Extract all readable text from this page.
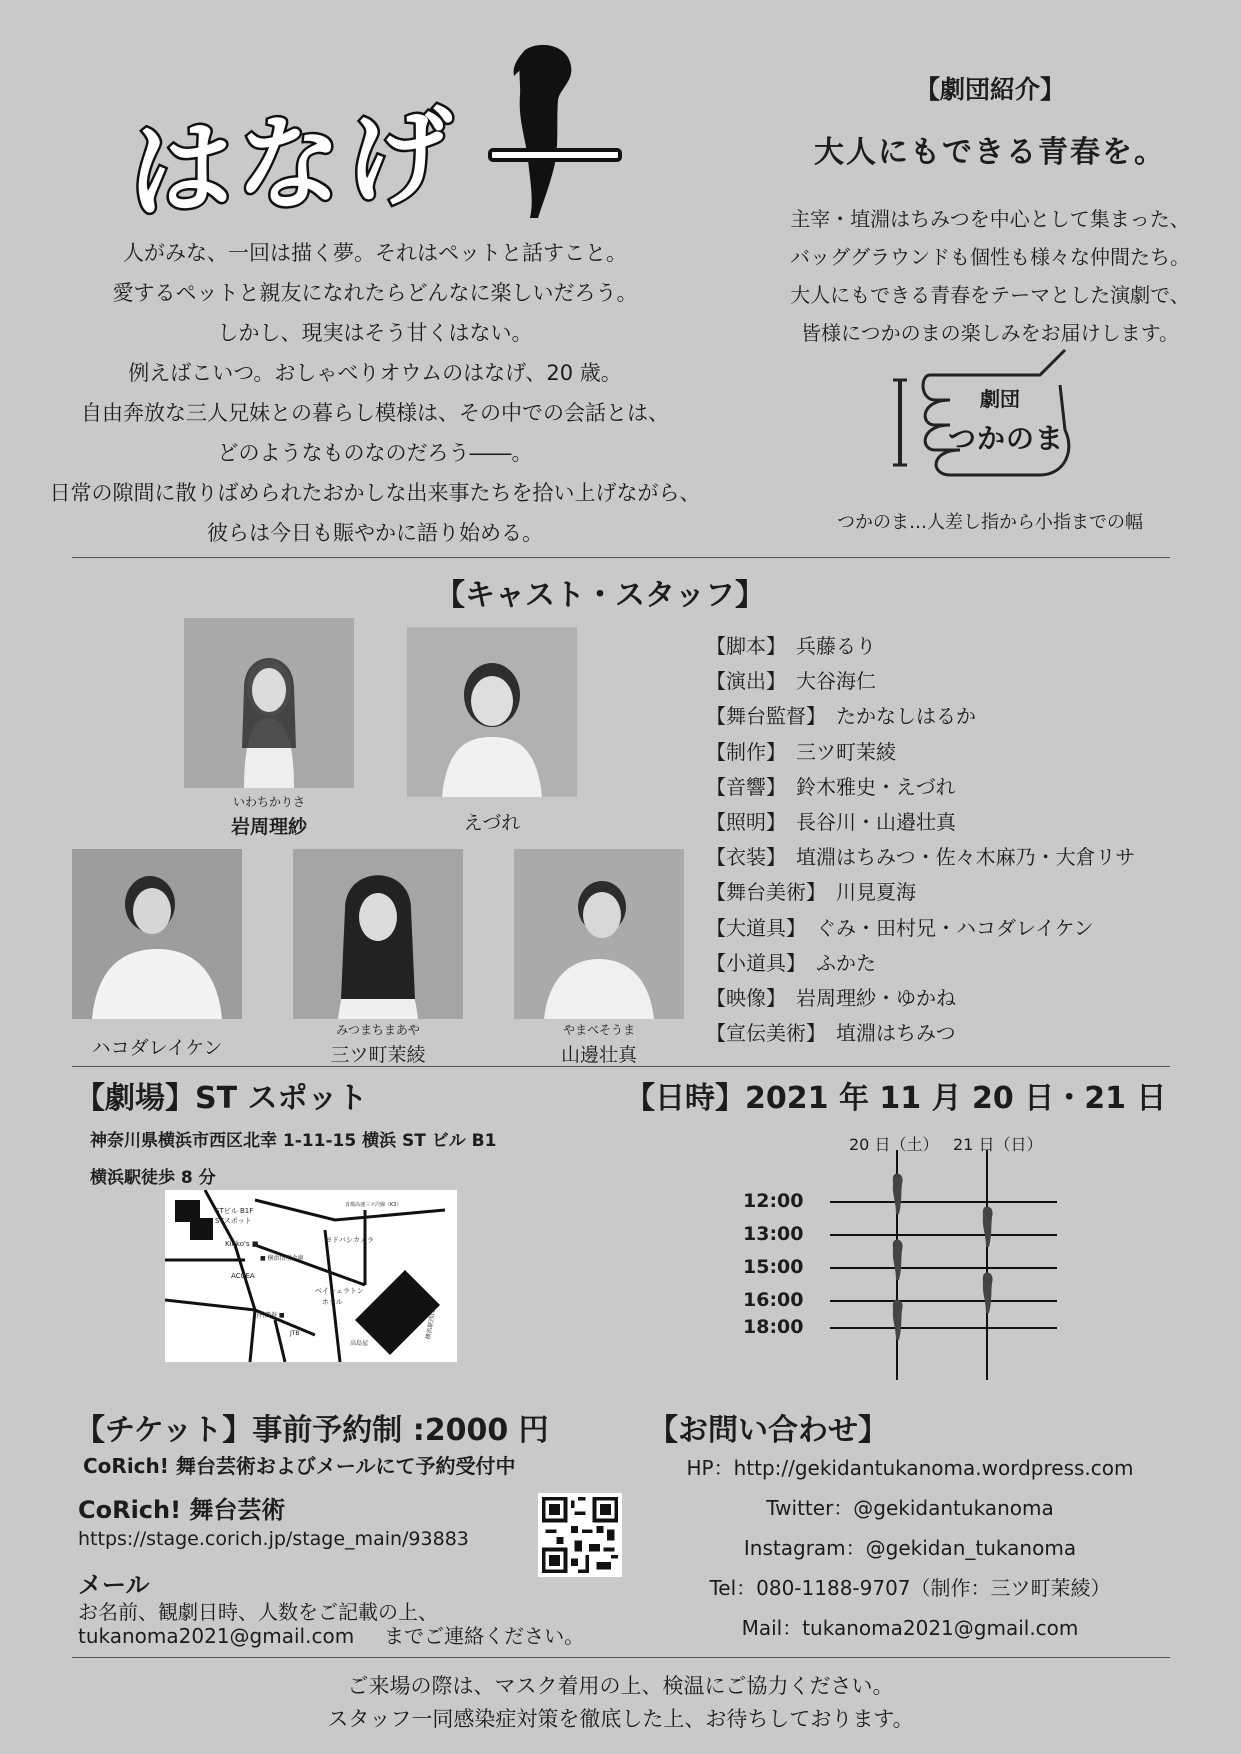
はなげ
人がみな、一回は描く夢。それはペットと話すこと。
愛するペットと親友になれたらどんなに楽しいだろう。
しかし、現実はそう甘くはない。
例えばこいつ。おしゃべりオウムのはなげ、20 歳。
自由奔放な三人兄妹との暮らし模様は、その中での会話とは、
どのようなものなのだろう――。
日常の隙間に散りばめられたおかしな出来事たちを拾い上げながら、
彼らは今日も賑やかに語り始める。
【劇団紹介】
大人にもできる青春を。
主宰・埴淵はちみつを中心として集まった、
バッググラウンドも個性も様々な仲間たち。
大人にもできる青春をテーマとした演劇で、
皆様につかのまの楽しみをお届けします。
劇団
つかのま
つかのま…人差し指から小指までの幅
【キャスト・スタッフ】
いわちかりさ
岩周理紗	えづれ
ハコダレイケン
みつまちまあや
三ツ町茉綾
やまべそうま
山邊壮真
【脚本】 兵藤るり
【演出】 大谷海仁
【舞台監督】 たかなしはるか
【制作】 三ツ町茉綾
【音響】 鈴木雅史・えづれ
【照明】 長谷川・山邉壮真
【衣装】 埴淵はちみつ・佐々木麻乃・大倉リサ
【舞台美術】 川見夏海
【大道具】 ぐみ・田村兄・ハコダレイケン
【小道具】 ふかた
【映像】 岩周理紗・ゆかね
【宣伝美術】 埴淵はちみつ
【劇場】ST スポット
神奈川県横浜市西区北幸 1-11-15 横浜 ST ビル B1
横浜駅徒歩 8 分
STビル B1F
STスポット
首都高速三ツ沢線（K3）
Kinko's ■	ヨドバシカメラ
■ 横浜信用金庫
ACCEA
ベイシェラトン
ホテル
野村證券 ■
JTB
高島屋
横浜駅西口
【日時】2021 年 11 月 20 日・21 日
20 日（土） 21 日（日）
12:00
13:00
15:00
16:00
18:00
【チケット】事前予約制 :2000 円
CoRich! 舞台芸術およびメールにて予約受付中
CoRich! 舞台芸術
https://stage.corich.jp/stage_main/93883
メール
お名前、観劇日時、人数をご記載の上、
tukanoma2021@gmail.com までご連絡ください。
【お問い合わせ】
HP：http://gekidantukanoma.wordpress.com
Twitter：@gekidantukanoma
Instagram：@gekidan_tukanoma
Tel：080-1188-9707（制作：三ツ町茉綾）
Mail：tukanoma2021@gmail.com
ご来場の際は、マスク着用の上、検温にご協力ください。
スタッフ一同感染症対策を徹底した上、お待ちしております。
